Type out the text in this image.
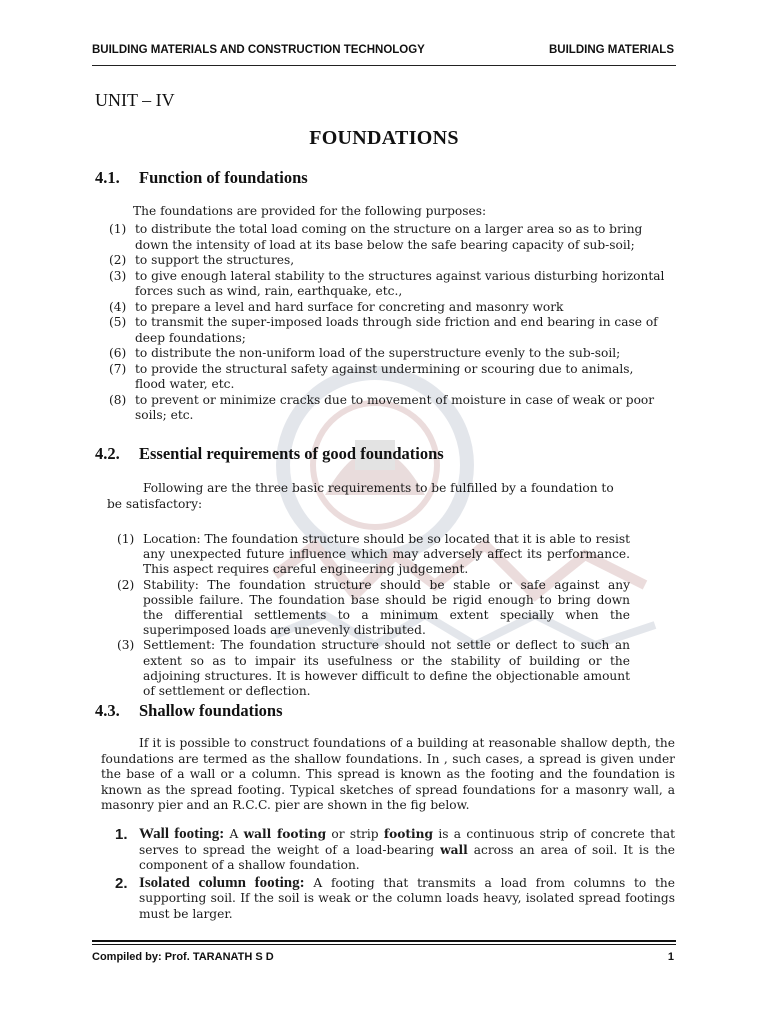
BUILDING MATERIALS AND CONSTRUCTION TECHNOLOGY	BUILDING MATERIALS
UNIT – IV
FOUNDATIONS
4.1. Function of foundations
The foundations are provided for the following purposes:
(1) to distribute the total load coming on the structure on a larger area so as to bring down the intensity of load at its base below the safe bearing capacity of sub-soil;
(2) to support the structures,
(3) to give enough lateral stability to the structures against various disturbing horizontal forces such as wind, rain, earthquake, etc.,
(4) to prepare a level and hard surface for concreting and masonry work
(5) to transmit the super-imposed loads through side friction and end bearing in case of deep foundations;
(6) to distribute the non-uniform load of the superstructure evenly to the sub-soil;
(7) to provide the structural safety against undermining or scouring due to animals, flood water, etc.
(8) to prevent or minimize cracks due to movement of moisture in case of weak or poor soils; etc.
4.2. Essential requirements of good foundations
Following are the three basic requirements to be fulfilled by a foundation to be satisfactory:
(1) Location: The foundation structure should be so located that it is able to resist any unexpected future influence which may adversely affect its performance. This aspect requires careful engineering judgement.
(2) Stability: The foundation structure should be stable or safe against any possible failure. The foundation base should be rigid enough to bring down the differential settlements to a minimum extent specially when the superimposed loads are unevenly distributed.
(3) Settlement: The foundation structure should not settle or deflect to such an extent so as to impair its usefulness or the stability of building or the adjoining structures. It is however difficult to define the objectionable amount of settlement or deflection.
4.3. Shallow foundations
If it is possible to construct foundations of a building at reasonable shallow depth, the foundations are termed as the shallow foundations. In , such cases, a spread is given under the base of a wall or a column. This spread is known as the footing and the foundation is known as the spread footing. Typical sketches of spread foundations for a masonry wall, a masonry pier and an R.C.C. pier are shown in the fig below.
1. Wall footing: A wall footing or strip footing is a continuous strip of concrete that serves to spread the weight of a load-bearing wall across an area of soil. It is the component of a shallow foundation.
2. Isolated column footing: A footing that transmits a load from columns to the supporting soil. If the soil is weak or the column loads heavy, isolated spread footings must be larger.
Compiled by: Prof. TARANATH S D	1
